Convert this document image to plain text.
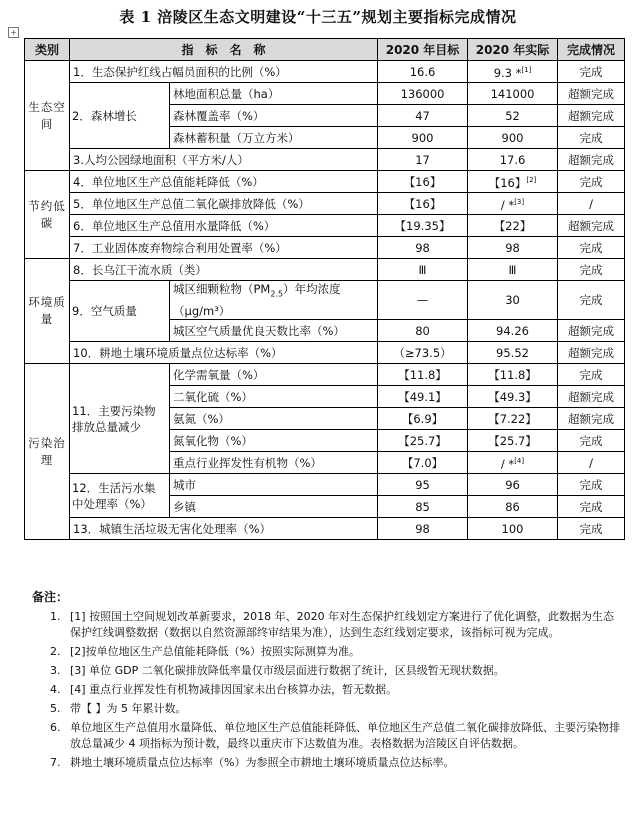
表 1 涪陵区生态文明建设“十三五”规划主要指标完成情况
+
类别	指　标　名　称		2020 年目标	2020 年实际	完成情况
生态空间	1．生态保护红线占幅员面积的比例（%）		16.6	9.3 *[1]	完成
	2．森林增长	林地面积总量（ha）	136000	141000	超额完成
		森林覆盖率（%）	47	52	超额完成
		森林蓄积量（万立方米）	900	900	完成
	3.人均公园绿地面积（平方米/人）		17	17.6	超额完成
节约低碳	4．单位地区生产总值能耗降低（%）		【16】	【16】[2]	完成
	5．单位地区生产总值二氧化碳排放降低（%）		【16】	/ *[3]	/
	6．单位地区生产总值用水量降低（%）		【19.35】	【22】	超额完成
	7．工业固体废弃物综合利用处置率（%）		98	98	完成
环境质量	8．长乌江干流水质（类）		Ⅲ	Ⅲ	完成
	9．空气质量	城区细颗粒物$(PM_{2.5})$年均浓度（μg/m³）	—	30	完成
		城区空气质量优良天数比率（%）	80	94.26	超额完成
	10．耕地土壤环境质量点位达标率（%）		（≥73.5）	95.52	超额完成
污染治理	11．主要污染物排放总量减少	化学需氧量（%）	【11.8】	【11.8】	完成
		二氧化硫（%）	【49.1】	【49.3】	超额完成
		氨氮（%）	【6.9】	【7.22】	超额完成
		氮氧化物（%）	【25.7】	【25.7】	完成
		重点行业挥发性有机物（%）	【7.0】	/ *[4]	/
	12．生活污水集中处理率（%）	城市	95	96	完成
		乡镇	85	86	完成
	13．城镇生活垃圾无害化处理率（%）		98	100	完成
备注：
1. [1] 按照国土空间规划改革新要求，2018 年、2020 年对生态保护红线划定方案进行了优化调整，此数据为生态保护红线调整数据（数据以自然资源部终审结果为准），达到生态红线划定要求，该指标可视为完成。
2. [2]按单位地区生产总值能耗降低（%）按照实际测算为准。
3. [3] 单位 GDP 二氧化碳排放降低率量仅市级层面进行数据了统计，区县级暂无现状数据。
4. [4] 重点行业挥发性有机物减排因国家未出台核算办法，暂无数据。
5. 带【 】为 5 年累计数。
6. 单位地区生产总值用水量降低、单位地区生产总值能耗降低、单位地区生产总值二氧化碳排放降低、主要污染物排放总量减少 4 项指标为预计数，最终以重庆市下达数值为准。表格数据为涪陵区自评估数据。
7. 耕地土壤环境质量点位达标率（%）为参照全市耕地土壤环境质量点位达标率。
